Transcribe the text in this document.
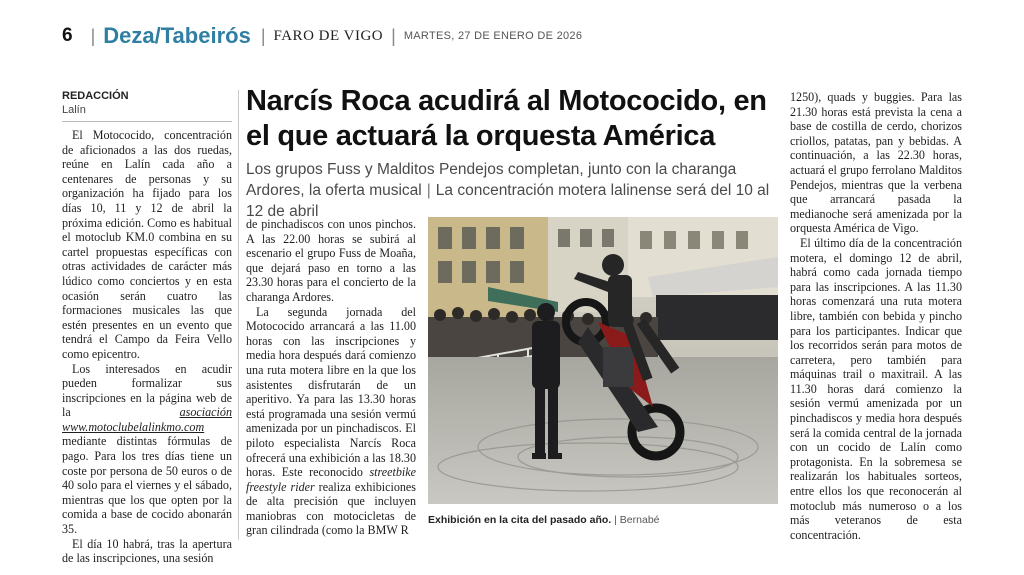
6 | Deza/Tabeirós | FARO DE VIGO | MARTES, 27 DE ENERO DE 2026
REDACCIÓN
Lalín

El Motococido, concentración de aficionados a las dos ruedas, reúne en Lalín cada año a centenares de personas y su organización ha fijado para los días 10, 11 y 12 de abril la próxima edición. Como es habitual el motoclub KM.0 combina en su cartel propuestas específicas con otras actividades de carácter más lúdico como conciertos y en esta ocasión serán cuatro las formaciones musicales las que estén presentes en un evento que tendrá el Campo da Feira Vello como epicentro.

Los interesados en acudir pueden formalizar sus inscripciones en la página web de la asociación www.motoclubelalinkmo.com mediante distintas fórmulas de pago. Para los tres días tiene un coste por persona de 50 euros o de 40 solo para el viernes y el sábado, mientras que los que opten por la comida a base de cocido abonarán 35.

El día 10 habrá, tras la apertura de las inscripciones, una sesión

Narcís Roca acudirá al Motococido, en el que actuará la orquesta América
Los grupos Fuss y Malditos Pendejos completan, junto con la charanga Ardores, la oferta musical | La concentración motera lalinense será del 10 al 12 de abril

de pinchadiscos con unos pinchos. A las 22.00 horas se subirá al escenario el grupo Fuss de Moaña, que dejará paso en torno a las 23.30 horas para el concierto de la charanga Ardores.

La segunda jornada del Motococido arrancará a las 11.00 horas con las inscripciones y media hora después dará comienzo una ruta motera libre en la que los asistentes disfrutarán de un aperitivo. Ya para las 13.30 horas está programada una sesión vermú amenizada por un pinchadiscos. El piloto especialista Narcís Roca ofrecerá una exhibición a las 18.30 horas. Este reconocido streetbike freestyle rider realiza exhibiciones de alta precisión que incluyen maniobras con motocicletas de gran cilindrada (como la BMW R

Exhibición en la cita del pasado año. | Bernabé

1250), quads y buggies. Para las 21.30 horas está prevista la cena a base de costilla de cerdo, chorizos criollos, patatas, pan y bebidas. A continuación, a las 22.30 horas, actuará el grupo ferrolano Malditos Pendejos, mientras que la verbena que arrancará pasada la medianoche será amenizada por la orquesta América de Vigo.

El último día de la concentración motera, el domingo 12 de abril, habrá como cada jornada tiempo para las inscripciones. A las 11.30 horas comenzará una ruta motera libre, también con bebida y pincho para los participantes. Indicar que los recorridos serán para motos de carretera, pero también para máquinas trail o maxitrail. A las 11.30 horas dará comienzo la sesión vermú amenizada por un pinchadiscos y media hora después será la comida central de la jornada con un cocido de Lalín como protagonista. En la sobremesa se realizarán los habituales sorteos, entre ellos los que reconocerán al motoclub más numeroso o a los más veteranos de esta concentración.
